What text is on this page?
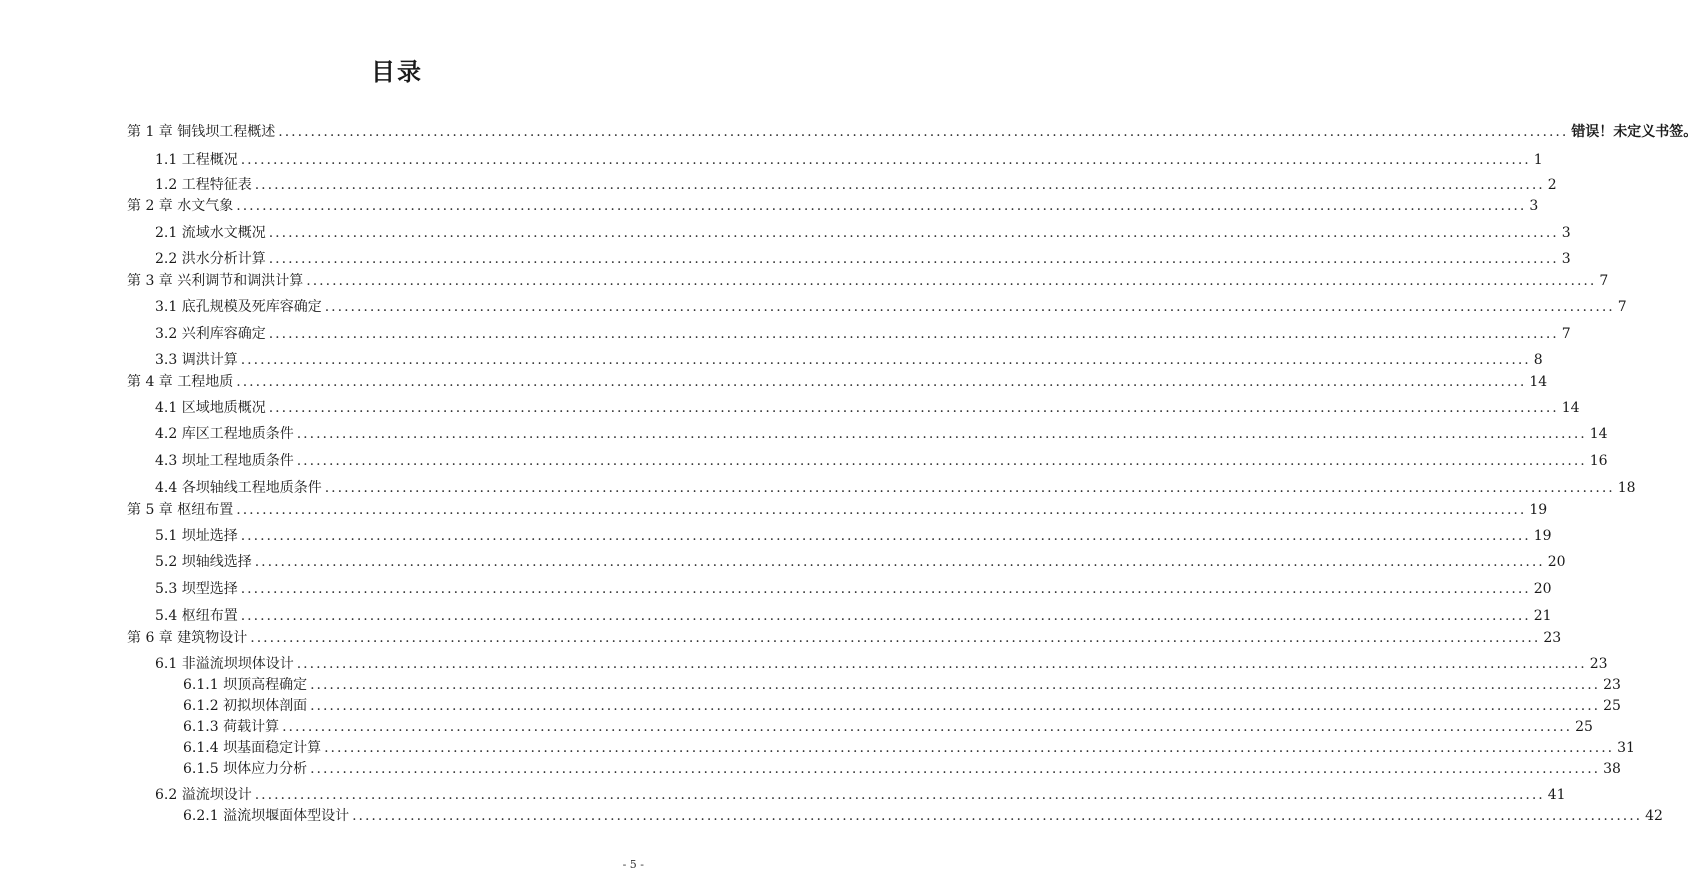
目录
第 1 章 铜钱坝工程概述 ........................................................................................................................................................................................................ 错误！未定义书签。
1.1 工程概况 ........................................................................................................................................................................................................ 1
1.2 工程特征表 ........................................................................................................................................................................................................ 2
第 2 章 水文气象 ........................................................................................................................................................................................................ 3
2.1 流域水文概况 ........................................................................................................................................................................................................ 3
2.2 洪水分析计算 ........................................................................................................................................................................................................ 3
第 3 章 兴利调节和调洪计算 ........................................................................................................................................................................................................ 7
3.1 底孔规模及死库容确定 ........................................................................................................................................................................................................ 7
3.2 兴利库容确定 ........................................................................................................................................................................................................ 7
3.3 调洪计算 ........................................................................................................................................................................................................ 8
第 4 章 工程地质 ........................................................................................................................................................................................................ 14
4.1 区域地质概况 ........................................................................................................................................................................................................ 14
4.2 库区工程地质条件 ........................................................................................................................................................................................................ 14
4.3 坝址工程地质条件 ........................................................................................................................................................................................................ 16
4.4 各坝轴线工程地质条件 ........................................................................................................................................................................................................ 18
第 5 章 枢纽布置 ........................................................................................................................................................................................................ 19
5.1 坝址选择 ........................................................................................................................................................................................................ 19
5.2 坝轴线选择 ........................................................................................................................................................................................................ 20
5.3 坝型选择 ........................................................................................................................................................................................................ 20
5.4 枢纽布置 ........................................................................................................................................................................................................ 21
第 6 章 建筑物设计 ........................................................................................................................................................................................................ 23
6.1 非溢流坝坝体设计 ........................................................................................................................................................................................................ 23
6.1.1 坝顶高程确定 ........................................................................................................................................................................................................ 23
6.1.2 初拟坝体剖面 ........................................................................................................................................................................................................ 25
6.1.3 荷载计算 ........................................................................................................................................................................................................ 25
6.1.4 坝基面稳定计算 ........................................................................................................................................................................................................ 31
6.1.5 坝体应力分析 ........................................................................................................................................................................................................ 38
6.2 溢流坝设计 ........................................................................................................................................................................................................ 41
6.2.1 溢流坝堰面体型设计 ........................................................................................................................................................................................................ 42
- 5 -
